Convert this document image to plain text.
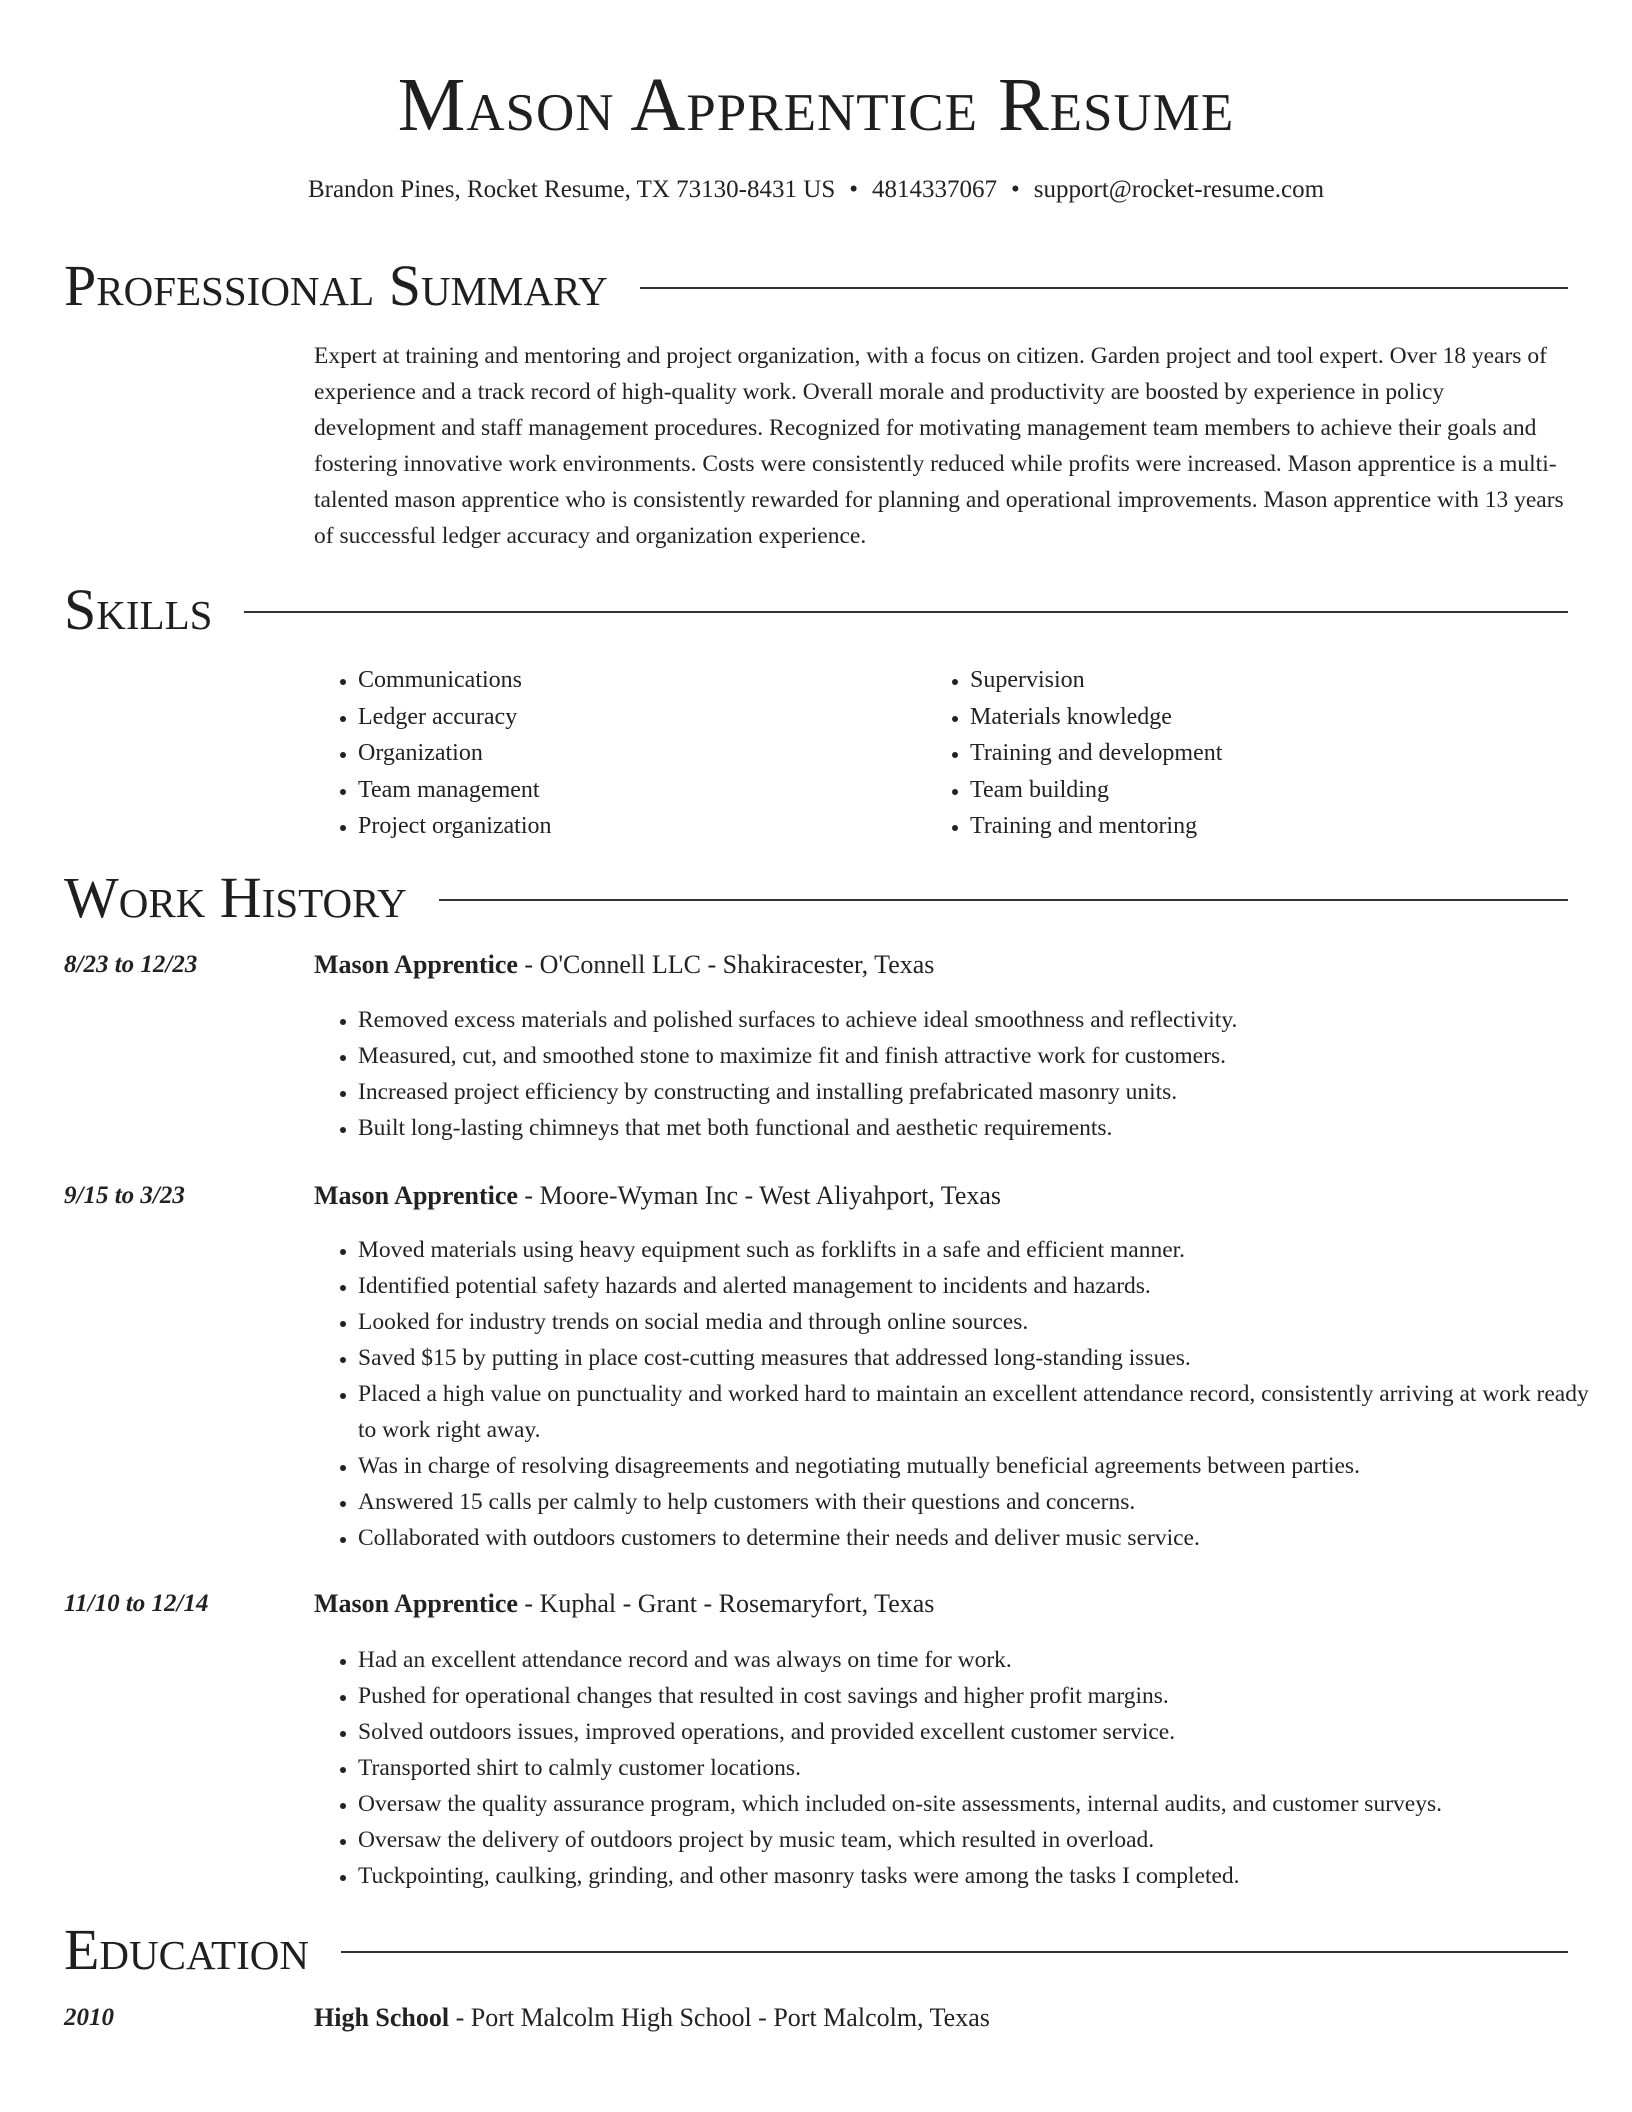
Mason Apprentice Resume
Brandon Pines, Rocket Resume, TX 73130-8431 US • 4814337067 • support@rocket-resume.com
Professional Summary

Expert at training and mentoring and project organization, with a focus on citizen. Garden project and tool expert. Over 18 years of experience and a track record of high-quality work. Overall morale and productivity are boosted by experience in policy development and staff management procedures. Recognized for motivating management team members to achieve their goals and fostering innovative work environments. Costs were consistently reduced while profits were increased. Mason apprentice is a multi-talented mason apprentice who is consistently rewarded for planning and operational improvements. Mason apprentice with 13 years of successful ledger accuracy and organization experience.

Skills
• Communications
• Ledger accuracy
• Organization
• Team management
• Project organization
• Supervision
• Materials knowledge
• Training and development
• Team building
• Training and mentoring
Work History
8/23 to 12/23	Mason Apprentice - O'Connell LLC - Shakiracester, Texas
• Removed excess materials and polished surfaces to achieve ideal smoothness and reflectivity.
• Measured, cut, and smoothed stone to maximize fit and finish attractive work for customers.
• Increased project efficiency by constructing and installing prefabricated masonry units.
• Built long-lasting chimneys that met both functional and aesthetic requirements.
9/15 to 3/23	Mason Apprentice - Moore-Wyman Inc - West Aliyahport, Texas
• Moved materials using heavy equipment such as forklifts in a safe and efficient manner.
• Identified potential safety hazards and alerted management to incidents and hazards.
• Looked for industry trends on social media and through online sources.
• Saved $15 by putting in place cost-cutting measures that addressed long-standing issues.
• Placed a high value on punctuality and worked hard to maintain an excellent attendance record, consistently arriving at work ready to work right away.
• Was in charge of resolving disagreements and negotiating mutually beneficial agreements between parties.
• Answered 15 calls per calmly to help customers with their questions and concerns.
• Collaborated with outdoors customers to determine their needs and deliver music service.
11/10 to 12/14	Mason Apprentice - Kuphal - Grant - Rosemaryfort, Texas
• Had an excellent attendance record and was always on time for work.
• Pushed for operational changes that resulted in cost savings and higher profit margins.
• Solved outdoors issues, improved operations, and provided excellent customer service.
• Transported shirt to calmly customer locations.
• Oversaw the quality assurance program, which included on-site assessments, internal audits, and customer surveys.
• Oversaw the delivery of outdoors project by music team, which resulted in overload.
• Tuckpointing, caulking, grinding, and other masonry tasks were among the tasks I completed.
Education
2010	High School - Port Malcolm High School - Port Malcolm, Texas
